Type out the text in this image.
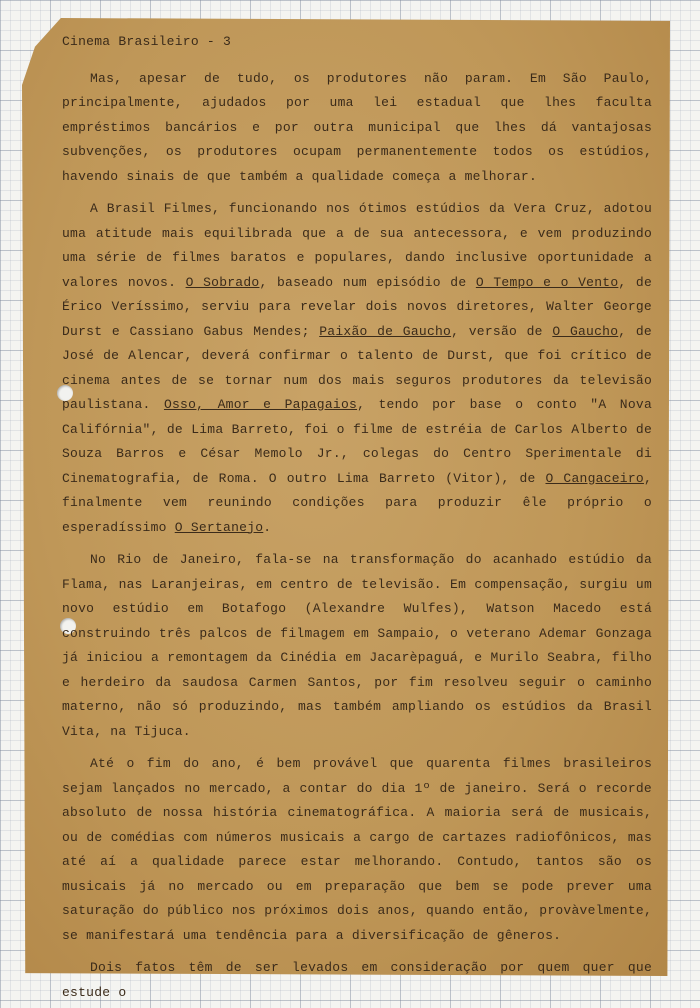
Cinema Brasileiro - 3

Mas, apesar de tudo, os produtores não param. Em São Paulo, principalmente, ajudados por uma lei estadual que lhes faculta empréstimos bancários e por outra municipal que lhes dá vantajosas subvenções, os produtores ocupam permanentemente todos os estúdios, havendo sinais de que também a qualidade começa a melhorar.

A Brasil Filmes, funcionando nos ótimos estúdios da Vera Cruz, adotou uma atitude mais equilibrada que a de sua antecessora, e vem produzindo uma série de filmes baratos e populares, dando inclusive oportunidade a valores novos. O Sobrado, baseado num episódio de O Tempo e o Vento, de Érico Veríssimo, serviu para revelar dois novos diretores, Walter George Durst e Cassiano Gabus Mendes; Paixão de Gaucho, versão de O Gaucho, de José de Alencar, deverá confirmar o talento de Durst, que foi crítico de cinema antes de se tornar num dos mais seguros produtores da televisão paulistana. Osso, Amor e Papagaios, tendo por base o conto "A Nova Califórnia", de Lima Barreto, foi o filme de estréia de Carlos Alberto de Souza Barros e César Memolo Jr., colegas do Centro Sperimentale di Cinematografia, de Roma. O outro Lima Barreto (Vitor), de O Cangaceiro, finalmente vem reunindo condições para produzir êle próprio o esperadíssimo O Sertanejo.

No Rio de Janeiro, fala-se na transformação do acanhado estúdio da Flama, nas Laranjeiras, em centro de televisão. Em compensação, surgiu um novo estúdio em Botafogo (Alexandre Wulfes), Watson Macedo está construindo três palcos de filmagem em Sampaio, o veterano Ademar Gonzaga já iniciou a remontagem da Cinédia em Jacarèpaguá, e Murilo Seabra, filho e herdeiro da saudosa Carmen Santos, por fim resolveu seguir o caminho materno, não só produzindo, mas também ampliando os estúdios da Brasil Vita, na Tijuca.

Até o fim do ano, é bem provável que quarenta filmes brasileiros sejam lançados no mercado, a contar do dia 1º de janeiro. Será o recorde absoluto de nossa história cinematográfica. A maioria será de musicais, ou de comédias com números musicais a cargo de cartazes radiofônicos, mas até aí a qualidade parece estar melhorando. Contudo, tantos são os musicais já no mercado ou em preparação que bem se pode prever uma saturação do público nos próximos dois anos, quando então, provàvelmente, se manifestará uma tendência para a diversificação de gêneros.

Dois fatos têm de ser levados em consideração por quem quer que estude o
